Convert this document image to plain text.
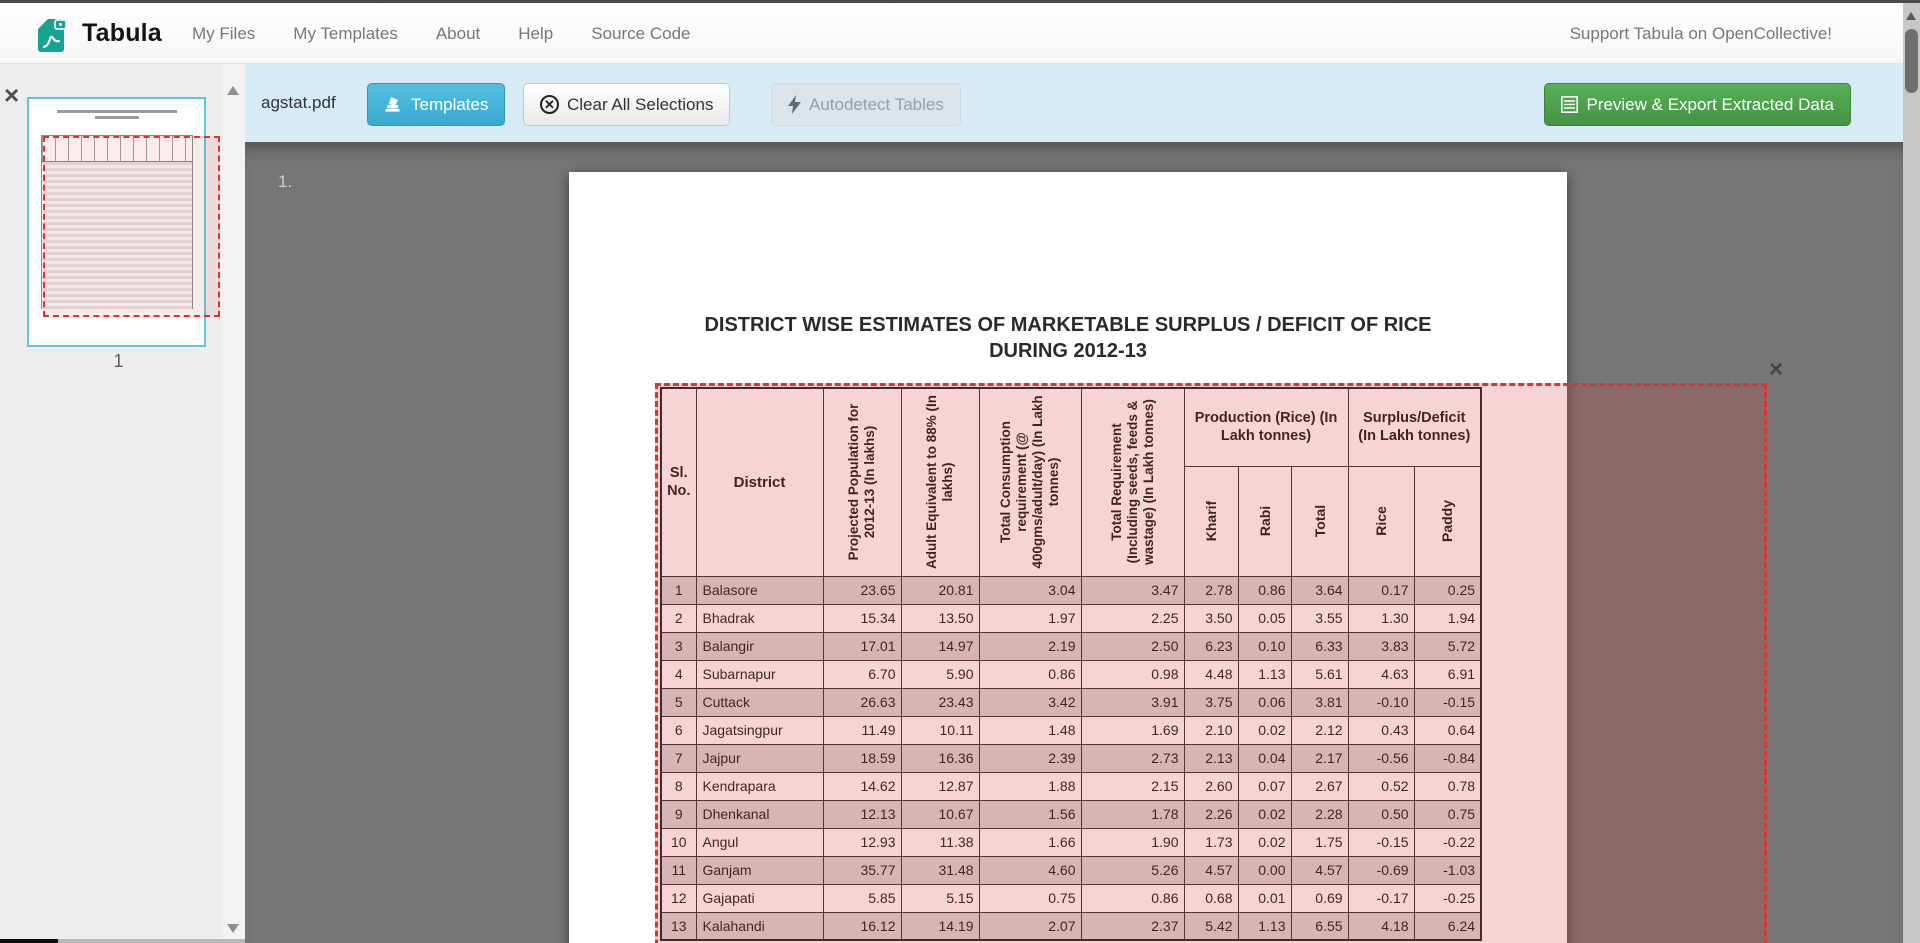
Tabula My Files My Templates About Help Source Code	Support Tabula on OpenCollective!
agstat.pdf	Templates	✕ Clear All Selections	Autodetect Tables	Preview & Export Extracted Data
×
1
1.
DISTRICT WISE ESTIMATES OF MARKETABLE SURPLUS / DEFICIT OF RICE
DURING 2012-13
Sl.
No.	District	Projected Population for 2012-13 (In lakhs)	Adult Equivalent to 88% (In lakhs)	Total Consumption requirement (@ 400gms/adult/day) (In Lakh tonnes)	Total Requirement (Including seeds, feeds & wastage) (In Lakh tonnes)	Production (Rice) (In Lakh tonnes)			Surplus/Deficit (In Lakh tonnes)	

						Kharif	Rabi	Total	Rice	Paddy

1	Balasore	23.65	20.81	3.04	3.47	2.78	0.86	3.64	0.17	0.25
2	Bhadrak	15.34	13.50	1.97	2.25	3.50	0.05	3.55	1.30	1.94
3	Balangir	17.01	14.97	2.19	2.50	6.23	0.10	6.33	3.83	5.72
4	Subarnapur	6.70	5.90	0.86	0.98	4.48	1.13	5.61	4.63	6.91
5	Cuttack	26.63	23.43	3.42	3.91	3.75	0.06	3.81	-0.10	-0.15
6	Jagatsingpur	11.49	10.11	1.48	1.69	2.10	0.02	2.12	0.43	0.64
7	Jajpur	18.59	16.36	2.39	2.73	2.13	0.04	2.17	-0.56	-0.84
8	Kendrapara	14.62	12.87	1.88	2.15	2.60	0.07	2.67	0.52	0.78
9	Dhenkanal	12.13	10.67	1.56	1.78	2.26	0.02	2.28	0.50	0.75
10	Angul	12.93	11.38	1.66	1.90	1.73	0.02	1.75	-0.15	-0.22
11	Ganjam	35.77	31.48	4.60	5.26	4.57	0.00	4.57	-0.69	-1.03
12	Gajapati	5.85	5.15	0.75	0.86	0.68	0.01	0.69	-0.17	-0.25
13	Kalahandi	16.12	14.19	2.07	2.37	5.42	1.13	6.55	4.18	6.24
×
